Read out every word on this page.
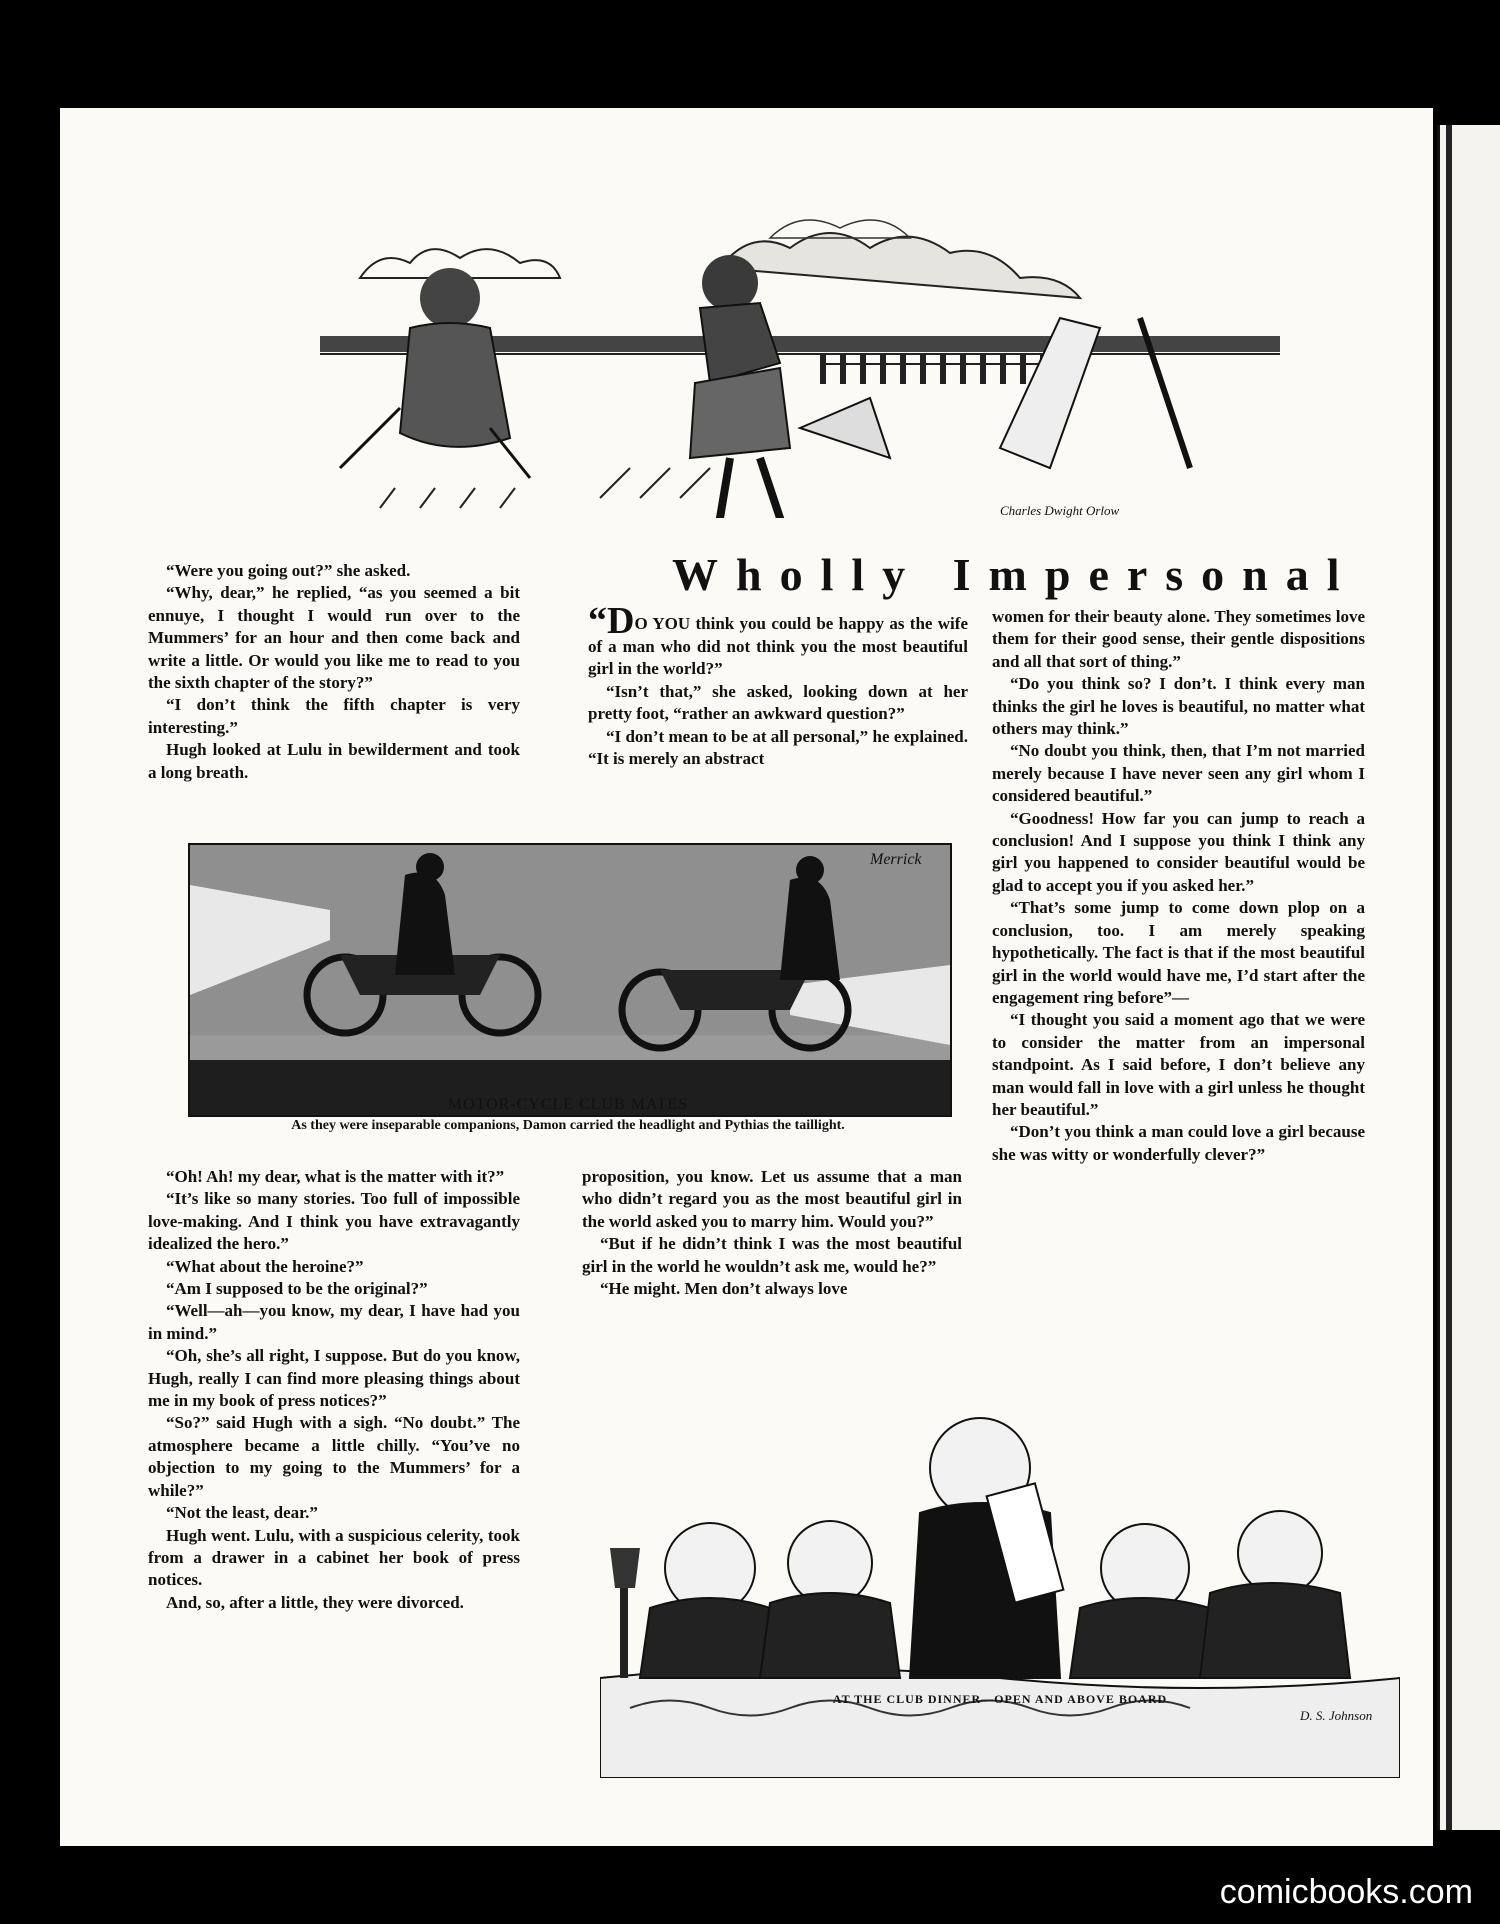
Charles Dwight Orlow
Wholly Impersonal

“Were you going out?” she asked.

“Why, dear,” he replied, “as you seemed a bit ennuye, I thought I would run over to the Mummers’ for an hour and then come back and write a little. Or would you like me to read to you the sixth chapter of the story?”

“I don’t think the fifth chapter is very interesting.”

Hugh looked at Lulu in bewilderment and took a long breath.

“DO YOU think you could be happy as the wife of a man who did not think you the most beautiful girl in the world?”

“Isn’t that,” she asked, looking down at her pretty foot, “rather an awkward question?”

“I don’t mean to be at all personal,” he explained. “It is merely an abstract

women for their beauty alone. They sometimes love them for their good sense, their gentle dispositions and all that sort of thing.”

“Do you think so? I don’t. I think every man thinks the girl he loves is beautiful, no matter what others may think.”

“No doubt you think, then, that I’m not married merely because I have never seen any girl whom I considered beautiful.”

“Goodness! How far you can jump to reach a conclusion! And I suppose you think I think any girl you happened to consider beautiful would be glad to accept you if you asked her.”

“That’s some jump to come down plop on a conclusion, too. I am merely speaking hypothetically. The fact is that if the most beautiful girl in the world would have me, I’d start after the engagement ring before”—

“I thought you said a moment ago that we were to consider the matter from an impersonal standpoint. As I said before, I don’t believe any man would fall in love with a girl unless he thought her beautiful.”

“Don’t you think a man could love a girl because she was witty or wonderfully clever?”

Merrick
MOTOR-CYCLE CLUB MATES
As they were inseparable companions, Damon carried the headlight and Pythias the taillight.

“Oh! Ah! my dear, what is the matter with it?”

“It’s like so many stories. Too full of impossible love-making. And I think you have extravagantly idealized the hero.”

“What about the heroine?”

“Am I supposed to be the original?”

“Well—ah—you know, my dear, I have had you in mind.”

“Oh, she’s all right, I suppose. But do you know, Hugh, really I can find more pleasing things about me in my book of press notices?”

“So?” said Hugh with a sigh. “No doubt.” The atmosphere became a little chilly. “You’ve no objection to my going to the Mummers’ for a while?”

“Not the least, dear.”

Hugh went. Lulu, with a suspicious celerity, took from a drawer in a cabinet her book of press notices.

And, so, after a little, they were divorced.

proposition, you know. Let us assume that a man who didn’t regard you as the most beautiful girl in the world asked you to marry him. Would you?”

“But if he didn’t think I was the most beautiful girl in the world he wouldn’t ask me, would he?”

“He might. Men don’t always love

D. S. Johnson
AT THE CLUB DINNER—OPEN AND ABOVE BOARD
comicbooks.com
